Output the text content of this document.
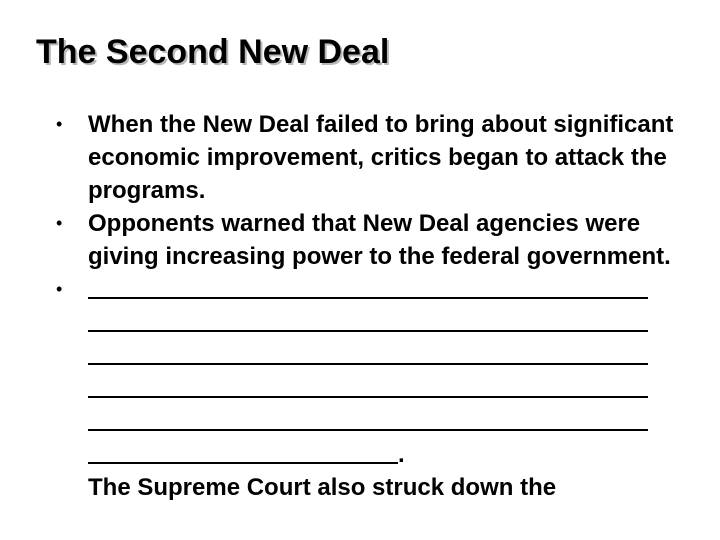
The Second New Deal

•	When the New Deal failed to bring about significant economic improvement, critics began to attack the programs.

•	Opponents warned that New Deal agencies were giving increasing power to the federal government.

•
.
The Supreme Court also struck down the
